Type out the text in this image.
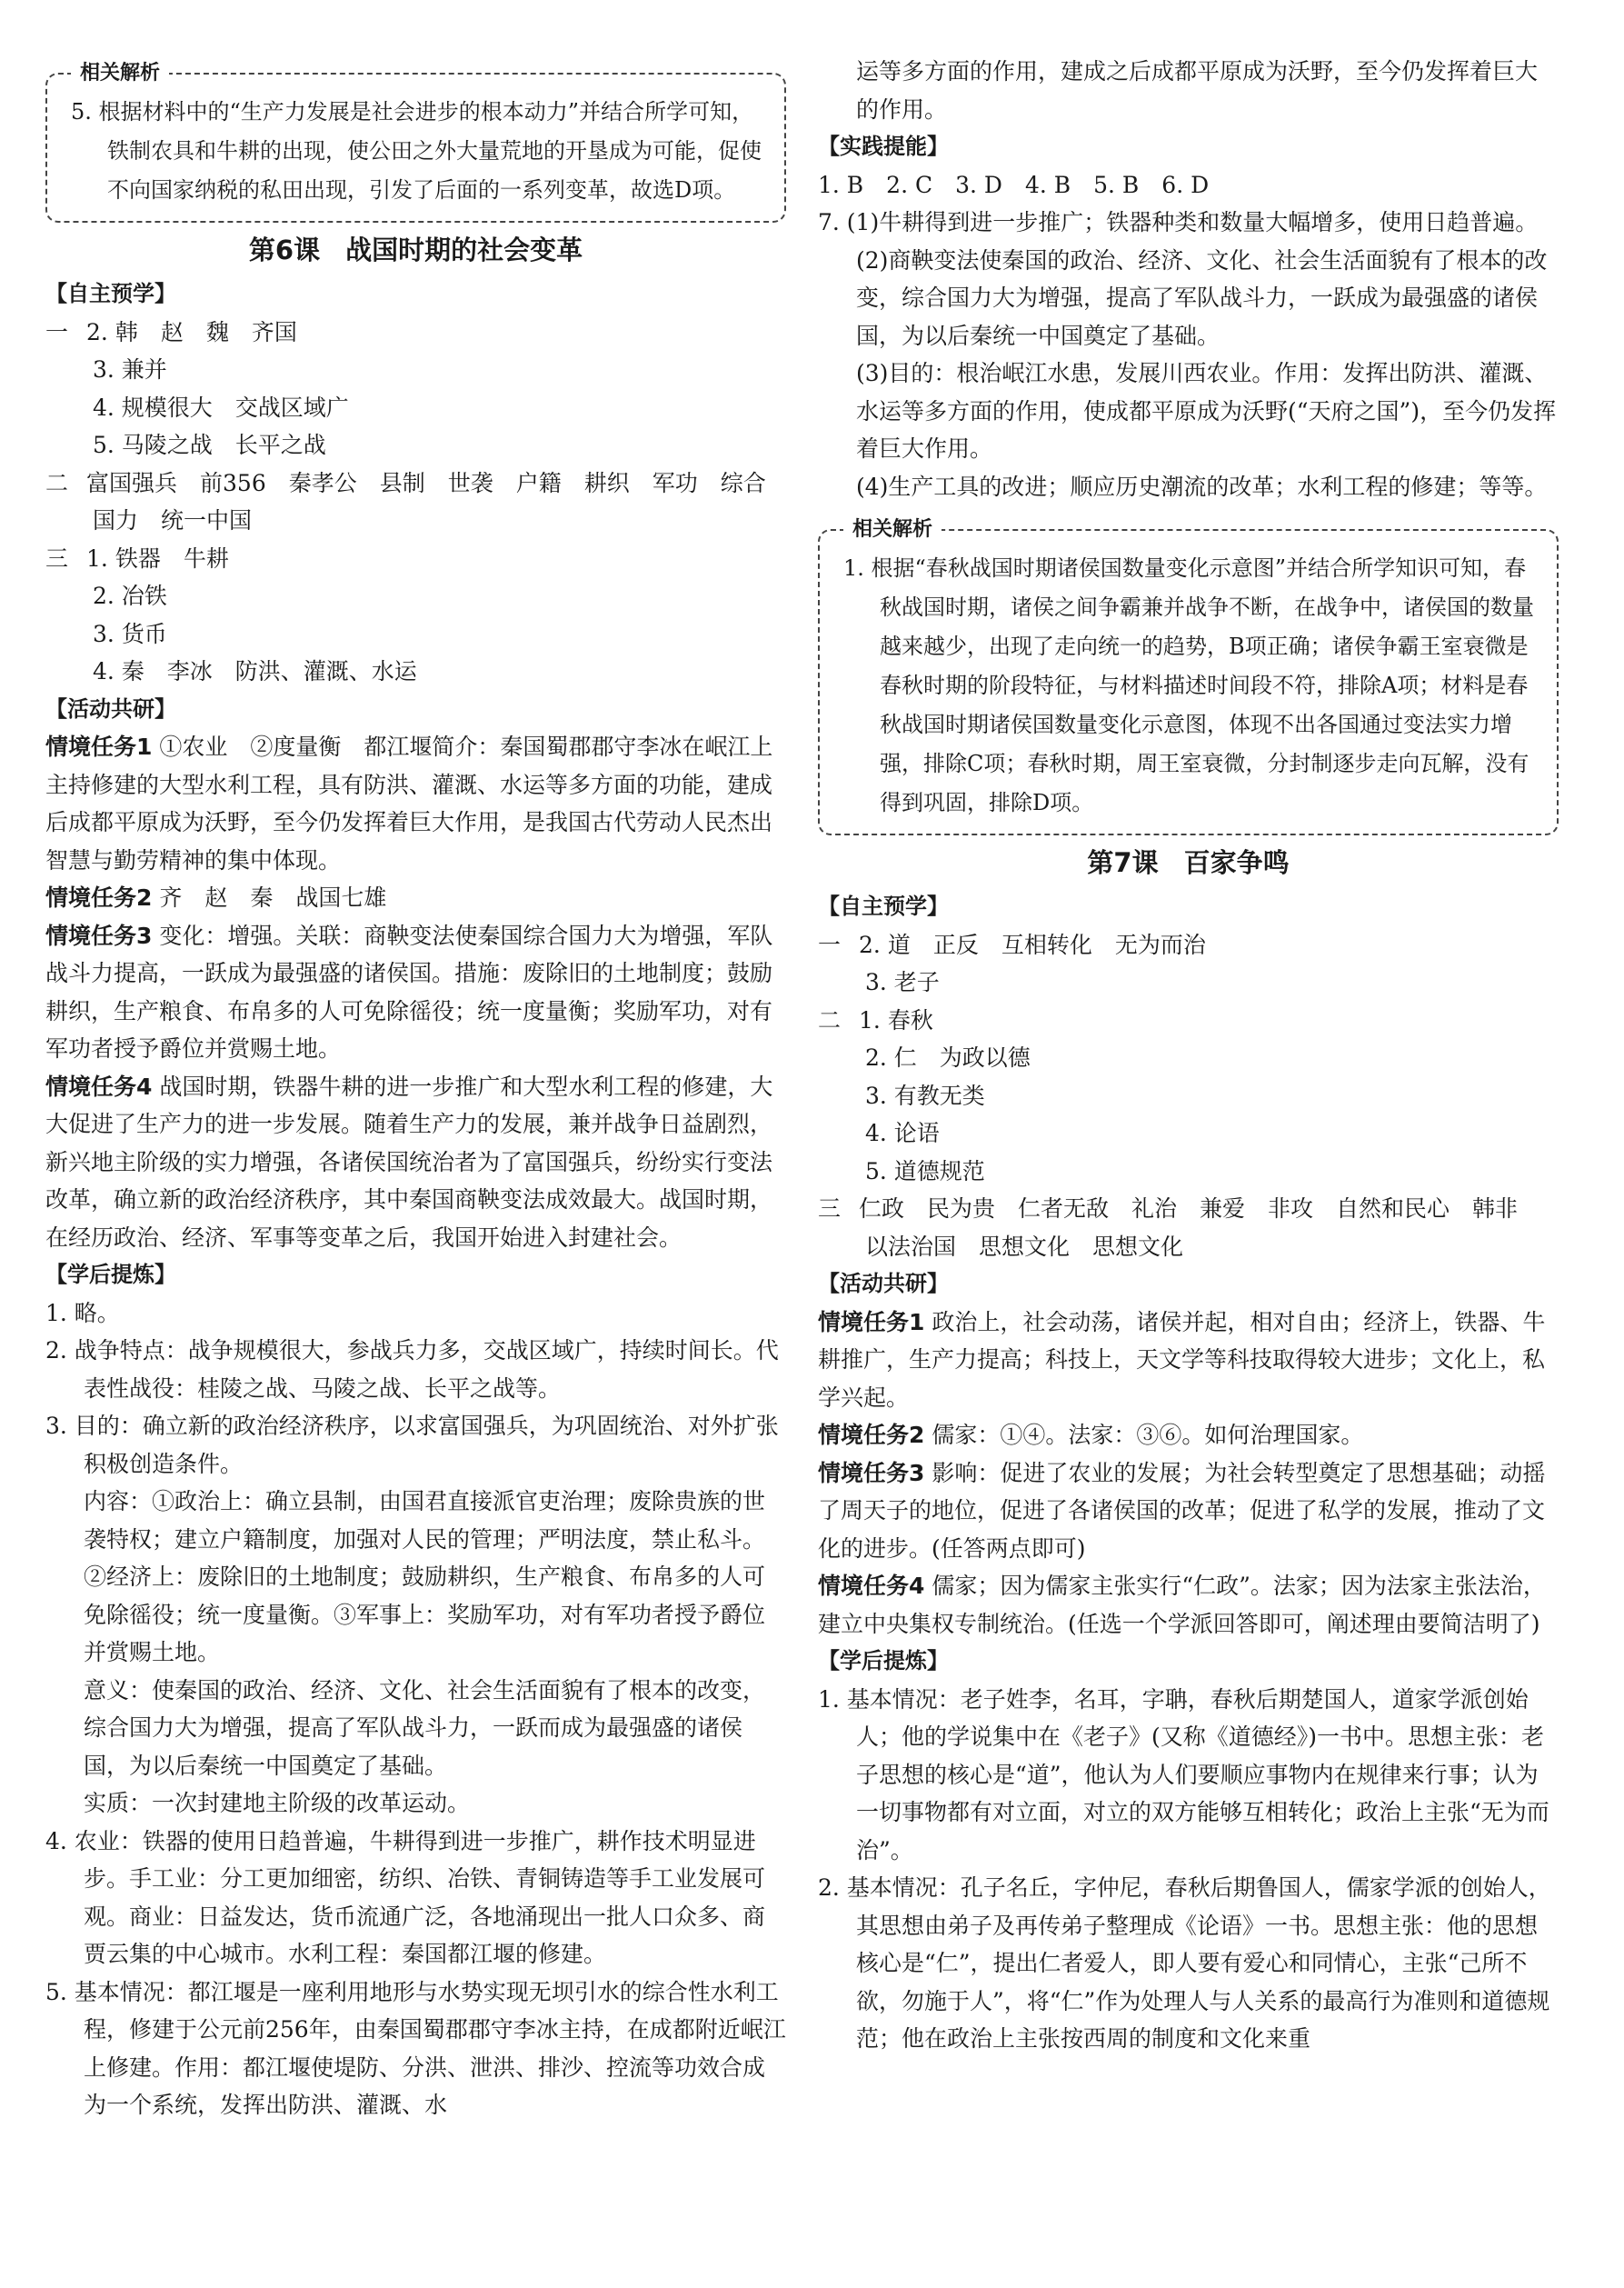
相关解析

5. 根据材料中的“生产力发展是社会进步的根本动力”并结合所学可知，铁制农具和牛耕的出现，使公田之外大量荒地的开垦成为可能，促使不向国家纳税的私田出现，引发了后面的一系列变革，故选D项。

第6课 战国时期的社会变革

【自主预学】

一 2. 韩　赵　魏　齐国

3. 兼并

4. 规模很大　交战区域广

5. 马陵之战　长平之战

二 富国强兵　前356　秦孝公　县制　世袭　户籍　耕织　军功　综合国力　统一中国

三 1. 铁器　牛耕

2. 冶铁

3. 货币

4. 秦　李冰　防洪、灌溉、水运

【活动共研】

情境任务1 ①农业　②度量衡　都江堰简介：秦国蜀郡郡守李冰在岷江上主持修建的大型水利工程，具有防洪、灌溉、水运等多方面的功能，建成后成都平原成为沃野，至今仍发挥着巨大作用，是我国古代劳动人民杰出智慧与勤劳精神的集中体现。

情境任务2 齐　赵　秦　战国七雄

情境任务3 变化：增强。关联：商鞅变法使秦国综合国力大为增强，军队战斗力提高，一跃成为最强盛的诸侯国。措施：废除旧的土地制度；鼓励耕织，生产粮食、布帛多的人可免除徭役；统一度量衡；奖励军功，对有军功者授予爵位并赏赐土地。

情境任务4 战国时期，铁器牛耕的进一步推广和大型水利工程的修建，大大促进了生产力的进一步发展。随着生产力的发展，兼并战争日益剧烈，新兴地主阶级的实力增强，各诸侯国统治者为了富国强兵，纷纷实行变法改革，确立新的政治经济秩序，其中秦国商鞅变法成效最大。战国时期，在经历政治、经济、军事等变革之后，我国开始进入封建社会。

【学后提炼】

1. 略。

2. 战争特点：战争规模很大，参战兵力多，交战区域广，持续时间长。代表性战役：桂陵之战、马陵之战、长平之战等。

3. 目的：确立新的政治经济秩序，以求富国强兵，为巩固统治、对外扩张积极创造条件。

内容：①政治上：确立县制，由国君直接派官吏治理；废除贵族的世袭特权；建立户籍制度，加强对人民的管理；严明法度，禁止私斗。②经济上：废除旧的土地制度；鼓励耕织，生产粮食、布帛多的人可免除徭役；统一度量衡。③军事上：奖励军功，对有军功者授予爵位并赏赐土地。

意义：使秦国的政治、经济、文化、社会生活面貌有了根本的改变，综合国力大为增强，提高了军队战斗力，一跃而成为最强盛的诸侯国，为以后秦统一中国奠定了基础。

实质：一次封建地主阶级的改革运动。

4. 农业：铁器的使用日趋普遍，牛耕得到进一步推广，耕作技术明显进步。手工业：分工更加细密，纺织、冶铁、青铜铸造等手工业发展可观。商业：日益发达，货币流通广泛，各地涌现出一批人口众多、商贾云集的中心城市。水利工程：秦国都江堰的修建。

5. 基本情况：都江堰是一座利用地形与水势实现无坝引水的综合性水利工程，修建于公元前256年，由秦国蜀郡郡守李冰主持，在成都附近岷江上修建。作用：都江堰使堤防、分洪、泄洪、排沙、控流等功效合成为一个系统，发挥出防洪、灌溉、水

运等多方面的作用，建成之后成都平原成为沃野，至今仍发挥着巨大的作用。

【实践提能】

1. B　2. C　3. D　4. B　5. B　6. D

7. (1)牛耕得到进一步推广；铁器种类和数量大幅增多，使用日趋普遍。

(2)商鞅变法使秦国的政治、经济、文化、社会生活面貌有了根本的改变，综合国力大为增强，提高了军队战斗力，一跃成为最强盛的诸侯国，为以后秦统一中国奠定了基础。

(3)目的：根治岷江水患，发展川西农业。作用：发挥出防洪、灌溉、水运等多方面的作用，使成都平原成为沃野(“天府之国”)，至今仍发挥着巨大作用。

(4)生产工具的改进；顺应历史潮流的改革；水利工程的修建；等等。

相关解析

1. 根据“春秋战国时期诸侯国数量变化示意图”并结合所学知识可知，春秋战国时期，诸侯之间争霸兼并战争不断，在战争中，诸侯国的数量越来越少，出现了走向统一的趋势，B项正确；诸侯争霸王室衰微是春秋时期的阶段特征，与材料描述时间段不符，排除A项；材料是春秋战国时期诸侯国数量变化示意图，体现不出各国通过变法实力增强，排除C项；春秋时期，周王室衰微，分封制逐步走向瓦解，没有得到巩固，排除D项。

第7课 百家争鸣

【自主预学】

一 2. 道　正反　互相转化　无为而治

3. 老子

二 1. 春秋

2. 仁　为政以德

3. 有教无类

4. 论语

5. 道德规范

三 仁政　民为贵　仁者无敌　礼治　兼爱　非攻　自然和民心　韩非　以法治国　思想文化　思想文化

【活动共研】

情境任务1 政治上，社会动荡，诸侯并起，相对自由；经济上，铁器、牛耕推广，生产力提高；科技上，天文学等科技取得较大进步；文化上，私学兴起。

情境任务2 儒家：①④。法家：③⑥。如何治理国家。

情境任务3 影响：促进了农业的发展；为社会转型奠定了思想基础；动摇了周天子的地位，促进了各诸侯国的改革；促进了私学的发展，推动了文化的进步。(任答两点即可)

情境任务4 儒家；因为儒家主张实行“仁政”。法家；因为法家主张法治，建立中央集权专制统治。(任选一个学派回答即可，阐述理由要简洁明了)

【学后提炼】

1. 基本情况：老子姓李，名耳，字聃，春秋后期楚国人，道家学派创始人；他的学说集中在《老子》(又称《道德经》)一书中。思想主张：老子思想的核心是“道”，他认为人们要顺应事物内在规律来行事；认为一切事物都有对立面，对立的双方能够互相转化；政治上主张“无为而治”。

2. 基本情况：孔子名丘，字仲尼，春秋后期鲁国人，儒家学派的创始人，其思想由弟子及再传弟子整理成《论语》一书。思想主张：他的思想核心是“仁”，提出仁者爱人，即人要有爱心和同情心，主张“己所不欲，勿施于人”，将“仁”作为处理人与人关系的最高行为准则和道德规范；他在政治上主张按西周的制度和文化来重
